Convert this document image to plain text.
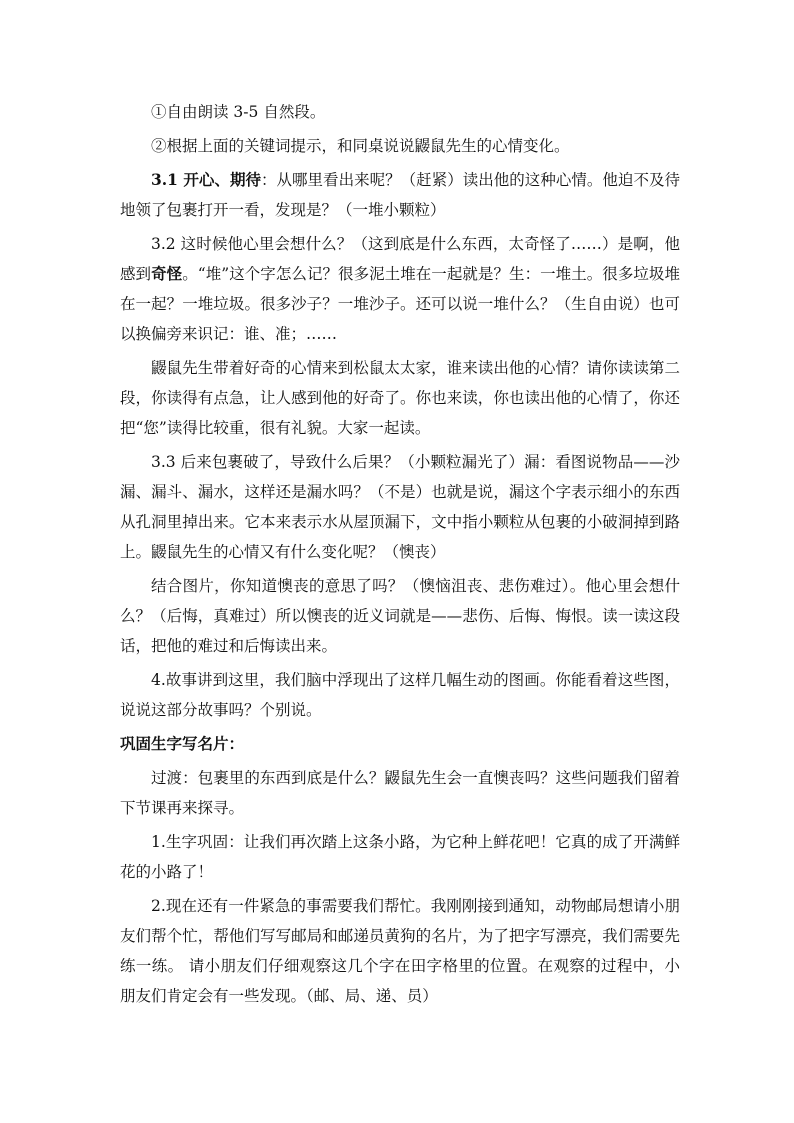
①自由朗读 3-5 自然段。

②根据上面的关键词提示，和同桌说说鼹鼠先生的心情变化。

3.1 开心、期待：从哪里看出来呢？（赶紧）读出他的这种心情。他迫不及待地领了包裹打开一看，发现是？（一堆小颗粒）

3.2 这时候他心里会想什么？（这到底是什么东西，太奇怪了……）是啊，他感到奇怪。“堆”这个字怎么记？很多泥土堆在一起就是？生：一堆土。很多垃圾堆在一起？一堆垃圾。很多沙子？一堆沙子。还可以说一堆什么？（生自由说）也可以换偏旁来识记：谁、准；……

鼹鼠先生带着好奇的心情来到松鼠太太家，谁来读出他的心情？请你读读第二段，你读得有点急，让人感到他的好奇了。你也来读，你也读出他的心情了，你还把“您”读得比较重，很有礼貌。大家一起读。

3.3 后来包裹破了，导致什么后果？（小颗粒漏光了）漏：看图说物品——沙漏、漏斗、漏水，这样还是漏水吗？（不是）也就是说，漏这个字表示细小的东西从孔洞里掉出来。它本来表示水从屋顶漏下，文中指小颗粒从包裹的小破洞掉到路上。鼹鼠先生的心情又有什么变化呢？（懊丧）

结合图片，你知道懊丧的意思了吗？（懊恼沮丧、悲伤难过）。他心里会想什么？（后悔，真难过）所以懊丧的近义词就是——悲伤、后悔、悔恨。读一读这段话，把他的难过和后悔读出来。

4.故事讲到这里，我们脑中浮现出了这样几幅生动的图画。你能看着这些图，说说这部分故事吗？个别说。

巩固生字写名片：

过渡：包裹里的东西到底是什么？鼹鼠先生会一直懊丧吗？这些问题我们留着下节课再来探寻。

1.生字巩固：让我们再次踏上这条小路，为它种上鲜花吧！它真的成了开满鲜花的小路了！

2.现在还有一件紧急的事需要我们帮忙。我刚刚接到通知，动物邮局想请小朋友们帮个忙，帮他们写写邮局和邮递员黄狗的名片，为了把字写漂亮，我们需要先练一练。 请小朋友们仔细观察这几个字在田字格里的位置。在观察的过程中，小朋友们肯定会有一些发现。（邮、局、递、员）
